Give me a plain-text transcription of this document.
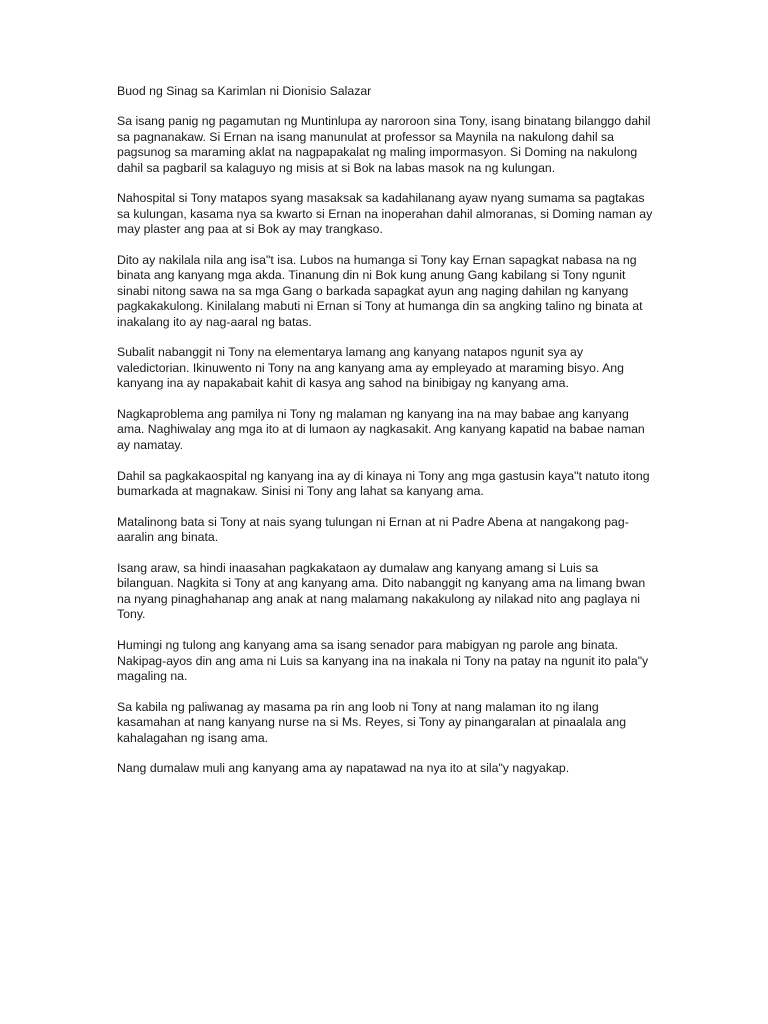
Buod ng Sinag sa Karimlan ni Dionisio Salazar

Sa isang panig ng pagamutan ng Muntinlupa ay naroroon sina Tony, isang binatang bilanggo dahil sa pagnanakaw. Si Ernan na isang manunulat at professor sa Maynila na nakulong dahil sa pagsunog sa maraming aklat na nagpapakalat ng maling impormasyon. Si Doming na nakulong dahil sa pagbaril sa kalaguyo ng misis at si Bok na labas masok na ng kulungan.

Nahospital si Tony matapos syang masaksak sa kadahilanang ayaw nyang sumama sa pagtakas sa kulungan, kasama nya sa kwarto si Ernan na inoperahan dahil almoranas, si Doming naman ay may plaster ang paa at si Bok ay may trangkaso.

Dito ay nakilala nila ang isa"t isa. Lubos na humanga si Tony kay Ernan sapagkat nabasa na ng binata ang kanyang mga akda. Tinanung din ni Bok kung anung Gang kabilang si Tony ngunit sinabi nitong sawa na sa mga Gang o barkada sapagkat ayun ang naging dahilan ng kanyang pagkakakulong. Kinilalang mabuti ni Ernan si Tony at humanga din sa angking talino ng binata at inakalang ito ay nag-aaral ng batas.

Subalit nabanggit ni Tony na elementarya lamang ang kanyang natapos ngunit sya ay valedictorian. Ikinuwento ni Tony na ang kanyang ama ay empleyado at maraming bisyo. Ang kanyang ina ay napakabait kahit di kasya ang sahod na binibigay ng kanyang ama.

Nagkaproblema ang pamilya ni Tony ng malaman ng kanyang ina na may babae ang kanyang ama. Naghiwalay ang mga ito at di lumaon ay nagkasakit. Ang kanyang kapatid na babae naman ay namatay.

Dahil sa pagkakaospital ng kanyang ina ay di kinaya ni Tony ang mga gastusin kaya"t natuto itong bumarkada at magnakaw. Sinisi ni Tony ang lahat sa kanyang ama.

Matalinong bata si Tony at nais syang tulungan ni Ernan at ni Padre Abena at nangakong pag-aaralin ang binata.

Isang araw, sa hindi inaasahan pagkakataon ay dumalaw ang kanyang amang si Luis sa bilanguan. Nagkita si Tony at ang kanyang ama. Dito nabanggit ng kanyang ama na limang bwan na nyang pinaghahanap ang anak at nang malamang nakakulong ay nilakad nito ang paglaya ni Tony.

Humingi ng tulong ang kanyang ama sa isang senador para mabigyan ng parole ang binata. Nakipag-ayos din ang ama ni Luis sa kanyang ina na inakala ni Tony na patay na ngunit ito pala"y magaling na.

Sa kabila ng paliwanag ay masama pa rin ang loob ni Tony at nang malaman ito ng ilang kasamahan at nang kanyang nurse na si Ms. Reyes, si Tony ay pinangaralan at pinaalala ang kahalagahan ng isang ama.

Nang dumalaw muli ang kanyang ama ay napatawad na nya ito at sila"y nagyakap.
